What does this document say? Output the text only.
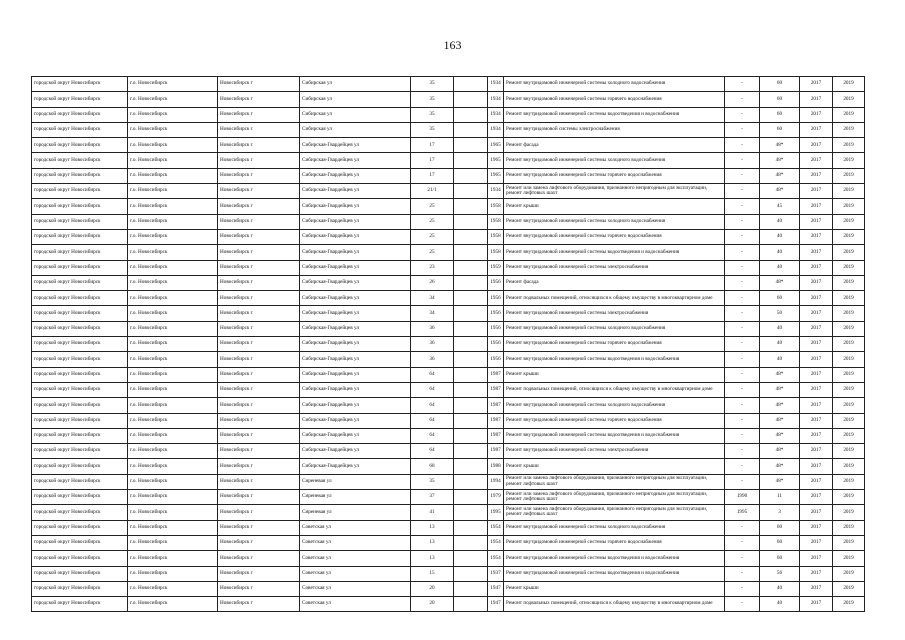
163
городской округ Новосибирск	г.о. Новосибирск	Новосибирск г	Сибирская ул	35		1934	Ремонт внутридомовой инженерной системы холодного водоснабжения	-	60	2017	2019
городской округ Новосибирск	г.о. Новосибирск	Новосибирск г	Сибирская ул	35		1934	Ремонт внутридомовой инженерной системы горячего водоснабжения	-	60	2017	2019
городской округ Новосибирск	г.о. Новосибирск	Новосибирск г	Сибирская ул	35		1934	Ремонт внутридомовой инженерной системы водоотведения и водоснабжения	-	60	2017	2019
городской округ Новосибирск	г.о. Новосибирск	Новосибирск г	Сибирская ул	35		1934	Ремонт внутридомовой системы электроснабжения	-	60	2017	2019
городской округ Новосибирск	г.о. Новосибирск	Новосибирск г	Сибирская-Гвардейцев ул	17		1965	Ремонт фасада	-	48*	2017	2019
городской округ Новосибирск	г.о. Новосибирск	Новосибирск г	Сибирская-Гвардейцев ул	17		1965	Ремонт внутридомовой инженерной системы холодного водоснабжения	-	48*	2017	2019
городской округ Новосибирск	г.о. Новосибирск	Новосибирск г	Сибирская-Гвардейцев ул	17		1965	Ремонт внутридомовой инженерной системы горячего водоснабжения	-	48*	2017	2019
городской округ Новосибирск	г.о. Новосибирск	Новосибирск г	Сибирская-Гвардейцев ул	21/1		1934	Ремонт или замена лифтового оборудования, признанного непригодным для эксплуатации, ремонт лифтовых шахт	-	48*	2017	2019
городской округ Новосибирск	г.о. Новосибирск	Новосибирск г	Сибирская-Гвардейцев ул	25		1958	Ремонт крыши	-	45	2017	2019
городской округ Новосибирск	г.о. Новосибирск	Новосибирск г	Сибирская-Гвардейцев ул	25		1958	Ремонт внутридомовой инженерной системы холодного водоснабжения	-	40	2017	2019
городской округ Новосибирск	г.о. Новосибирск	Новосибирск г	Сибирская-Гвардейцев ул	25		1958	Ремонт внутридомовой инженерной системы горячего водоснабжения	-	40	2017	2019
городской округ Новосибирск	г.о. Новосибирск	Новосибирск г	Сибирская-Гвардейцев ул	25		1958	Ремонт внутридомовой инженерной системы водоотведения и водоснабжения	-	40	2017	2019
городской округ Новосибирск	г.о. Новосибирск	Новосибирск г	Сибирская-Гвардейцев ул	23		1959	Ремонт внутридомовой инженерной системы электроснабжения	-	40	2017	2019
городской округ Новосибирск	г.о. Новосибирск	Новосибирск г	Сибирская-Гвардейцев ул	26		1956	Ремонт фасада	-	48*	2017	2019
городской округ Новосибирск	г.о. Новосибирск	Новосибирск г	Сибирская-Гвардейцев ул	34		1956	Ремонт подвальных помещений, относящихся к общему имуществу в многоквартирном доме	-	60	2017	2019
городской округ Новосибирск	г.о. Новосибирск	Новосибирск г	Сибирская-Гвардейцев ул	34		1956	Ремонт внутридомовой инженерной системы электроснабжения	-	50	2017	2019
городской округ Новосибирск	г.о. Новосибирск	Новосибирск г	Сибирская-Гвардейцев ул	36		1956	Ремонт внутридомовой инженерной системы холодного водоснабжения	-	40	2017	2019
городской округ Новосибирск	г.о. Новосибирск	Новосибирск г	Сибирская-Гвардейцев ул	36		1956	Ремонт внутридомовой инженерной системы горячего водоснабжения	-	40	2017	2019
городской округ Новосибирск	г.о. Новосибирск	Новосибирск г	Сибирская-Гвардейцев ул	36		1956	Ремонт внутридомовой инженерной системы водоотведения и водоснабжения	-	40	2017	2019
городской округ Новосибирск	г.о. Новосибирск	Новосибирск г	Сибирская-Гвардейцев ул	64		1987	Ремонт крыши	-	48*	2017	2019
городской округ Новосибирск	г.о. Новосибирск	Новосибирск г	Сибирская-Гвардейцев ул	64		1987	Ремонт подвальных помещений, относящихся к общему имуществу в многоквартирном доме	-	48*	2017	2019
городской округ Новосибирск	г.о. Новосибирск	Новосибирск г	Сибирская-Гвардейцев ул	64		1987	Ремонт внутридомовой инженерной системы холодного водоснабжения	-	48*	2017	2019
городской округ Новосибирск	г.о. Новосибирск	Новосибирск г	Сибирская-Гвардейцев ул	64		1987	Ремонт внутридомовой инженерной системы горячего водоснабжения	-	48*	2017	2019
городской округ Новосибирск	г.о. Новосибирск	Новосибирск г	Сибирская-Гвардейцев ул	64		1987	Ремонт внутридомовой инженерной системы водоотведения и водоснабжения	-	48*	2017	2019
городской округ Новосибирск	г.о. Новосибирск	Новосибирск г	Сибирская-Гвардейцев ул	64		1987	Ремонт внутридомовой инженерной системы электроснабжения	-	48*	2017	2019
городской округ Новосибирск	г.о. Новосибирск	Новосибирск г	Сибирская-Гвардейцев ул	68		1988	Ремонт крыши	-	48*	2017	2019
городской округ Новосибирск	г.о. Новосибирск	Новосибирск г	Сиреневая ул	35		1994	Ремонт или замена лифтового оборудования, признанного непригодным для эксплуатации, ремонт лифтовых шахт	-	48*	2017	2019
городской округ Новосибирск	г.о. Новосибирск	Новосибирск г	Сиреневая ул	37		1979	Ремонт или замена лифтового оборудования, признанного непригодным для эксплуатации, ремонт лифтовых шахт	1990	11	2017	2019
городской округ Новосибирск	г.о. Новосибирск	Новосибирск г	Сиреневая ул	41		1995	Ремонт или замена лифтового оборудования, признанного непригодным для эксплуатации, ремонт лифтовых шахт	1995	3	2017	2019
городской округ Новосибирск	г.о. Новосибирск	Новосибирск г	Советская ул	13		1954	Ремонт внутридомовой инженерной системы холодного водоснабжения	-	60	2017	2019
городской округ Новосибирск	г.о. Новосибирск	Новосибирск г	Советская ул	13		1954	Ремонт внутридомовой инженерной системы горячего водоснабжения	-	60	2017	2019
городской округ Новосибирск	г.о. Новосибирск	Новосибирск г	Советская ул	13		1954	Ремонт внутридомовой инженерной системы водоотведения и водоснабжения	-	60	2017	2019
городской округ Новосибирск	г.о. Новосибирск	Новосибирск г	Советская ул	15		1937	Ремонт внутридомовой инженерной системы водоотведения и водоснабжения	-	56	2017	2019
городской округ Новосибирск	г.о. Новосибирск	Новосибирск г	Советская ул	20		1947	Ремонт крыши	-	40	2017	2019
городской округ Новосибирск	г.о. Новосибирск	Новосибирск г	Советская ул	20		1947	Ремонт подвальных помещений, относящихся к общему имуществу в многоквартирном доме	-	40	2017	2019
